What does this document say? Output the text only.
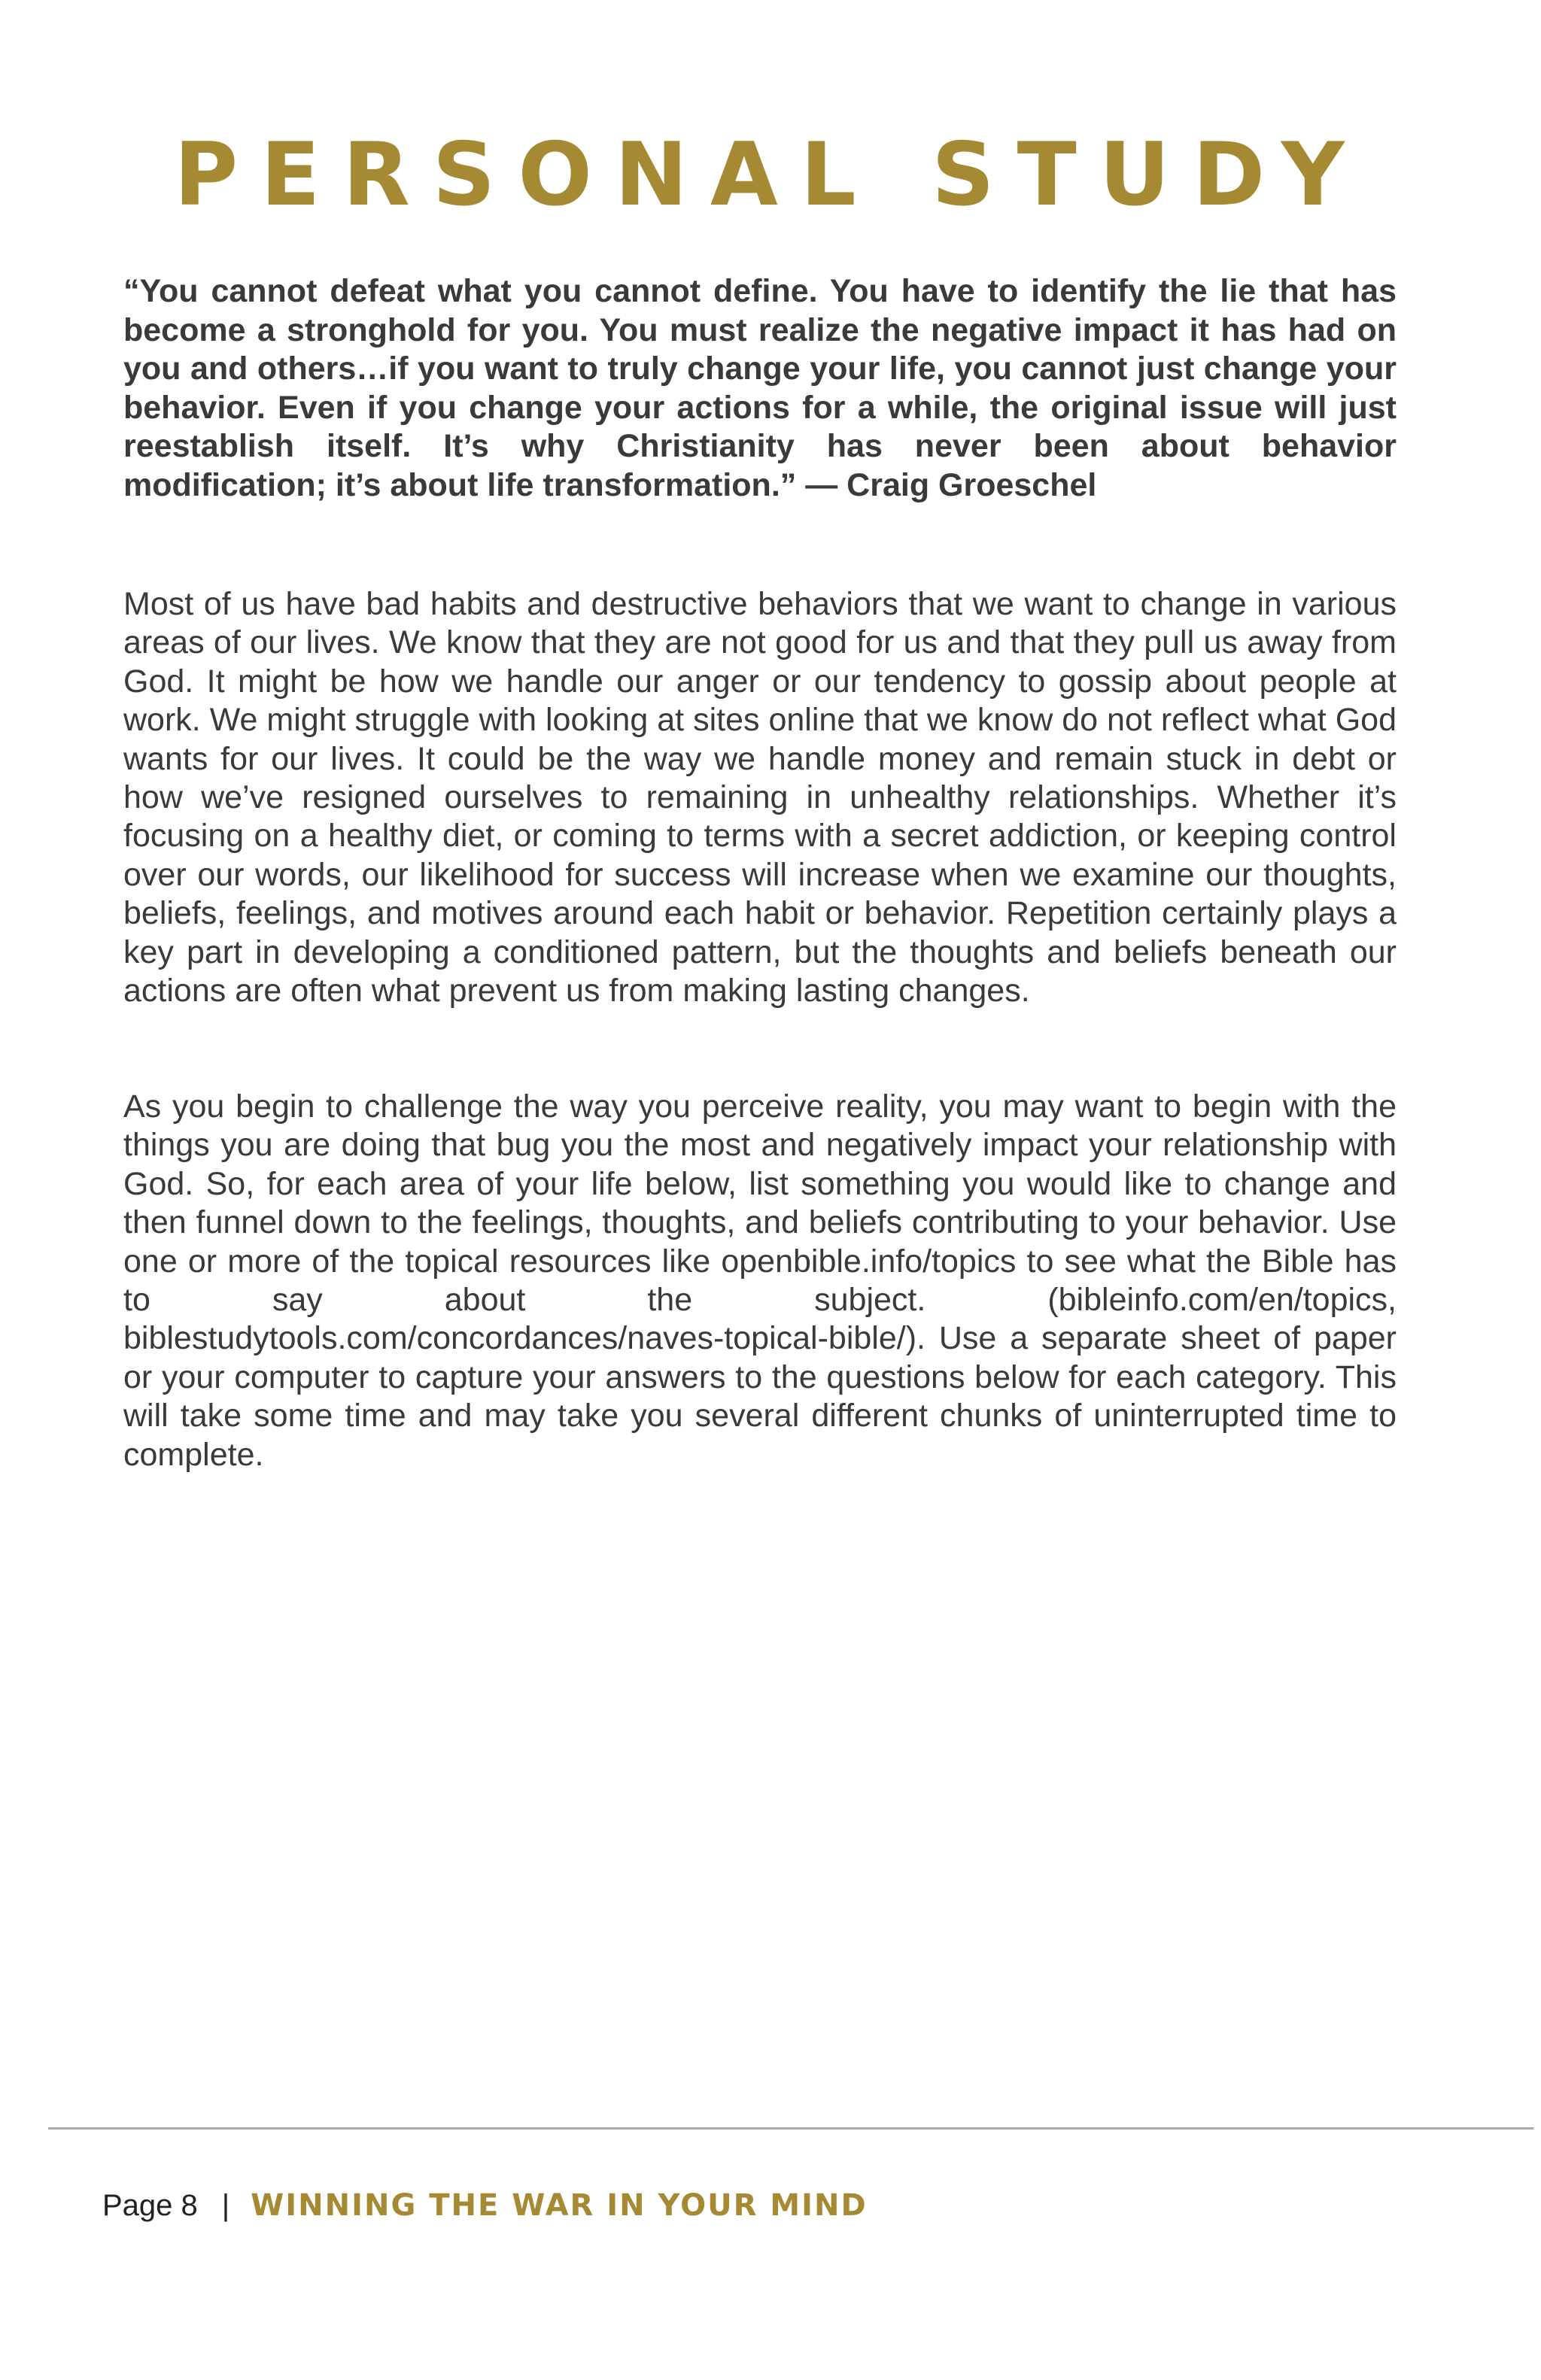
PERSONAL STUDY

“You cannot defeat what you cannot define. You have to identify the lie that has become a stronghold for you. You must realize the negative impact it has had on you and others…if you want to truly change your life, you cannot just change your behavior. Even if you change your actions for a while, the original issue will just reestablish itself. It’s why Christianity has never been about behavior modification; it’s about life transformation.” — Craig Groeschel

Most of us have bad habits and destructive behaviors that we want to change in various areas of our lives. We know that they are not good for us and that they pull us away from God. It might be how we handle our anger or our tendency to gossip about people at work. We might struggle with looking at sites online that we know do not reflect what God wants for our lives. It could be the way we handle money and remain stuck in debt or how we’ve resigned ourselves to remaining in unhealthy relationships. Whether it’s focusing on a healthy diet, or coming to terms with a secret addiction, or keeping control over our words, our likelihood for success will increase when we examine our thoughts, beliefs, feelings, and motives around each habit or behavior. Repetition certainly plays a key part in developing a conditioned pattern, but the thoughts and beliefs beneath our actions are often what prevent us from making lasting changes.

As you begin to challenge the way you perceive reality, you may want to begin with the things you are doing that bug you the most and negatively impact your relationship with God. So, for each area of your life below, list something you would like to change and then funnel down to the feelings, thoughts, and beliefs contributing to your behavior. Use one or more of the topical resources like openbible.info/topics to see what the Bible has to say about the subject. (bibleinfo.com/en/topics, biblestudytools.com/concordances/naves-topical-bible/). Use a separate sheet of paper or your computer to capture your answers to the questions below for each category. This will take some time and may take you several different chunks of uninterrupted time to complete.

Page 8 | WINNING THE WAR IN YOUR MIND
